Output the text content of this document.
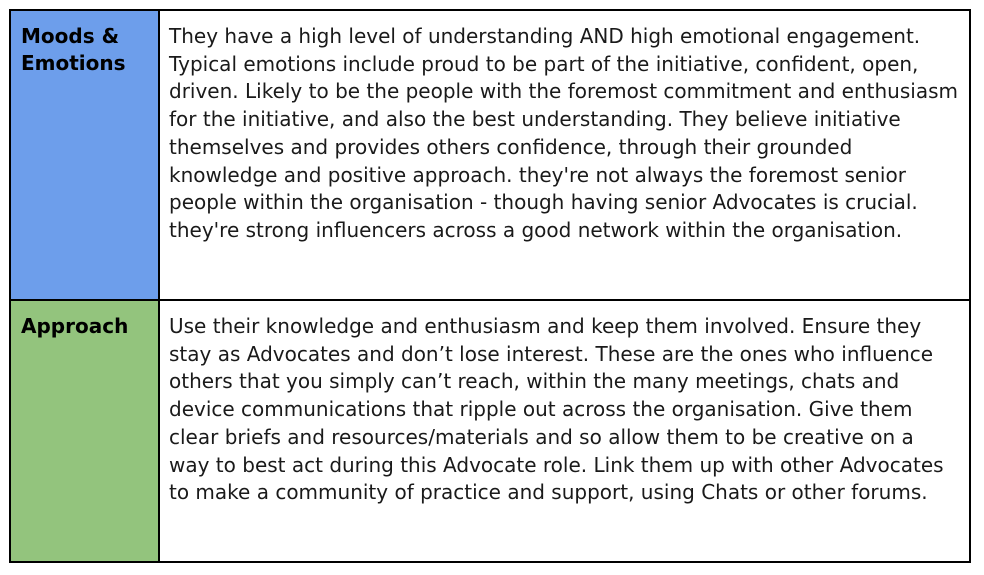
Moods & Emotions	They have a high level of understanding AND high emotional engagement. Typical emotions include proud to be part of the initiative, confident, open, driven. Likely to be the people with the foremost commitment and enthusiasm for the initiative, and also the best understanding. They believe initiative themselves and provides others confidence, through their grounded knowledge and positive approach. they're not always the foremost senior people within the organisation - though having senior Advocates is crucial. they're strong influencers across a good network within the organisation.
Approach	Use their knowledge and enthusiasm and keep them involved. Ensure they stay as Advocates and don’t lose interest. These are the ones who influence others that you simply can’t reach, within the many meetings, chats and device communications that ripple out across the organisation. Give them clear briefs and resources/materials and so allow them to be creative on a way to best act during this Advocate role. Link them up with other Advocates to make a community of practice and support, using Chats or other forums.
